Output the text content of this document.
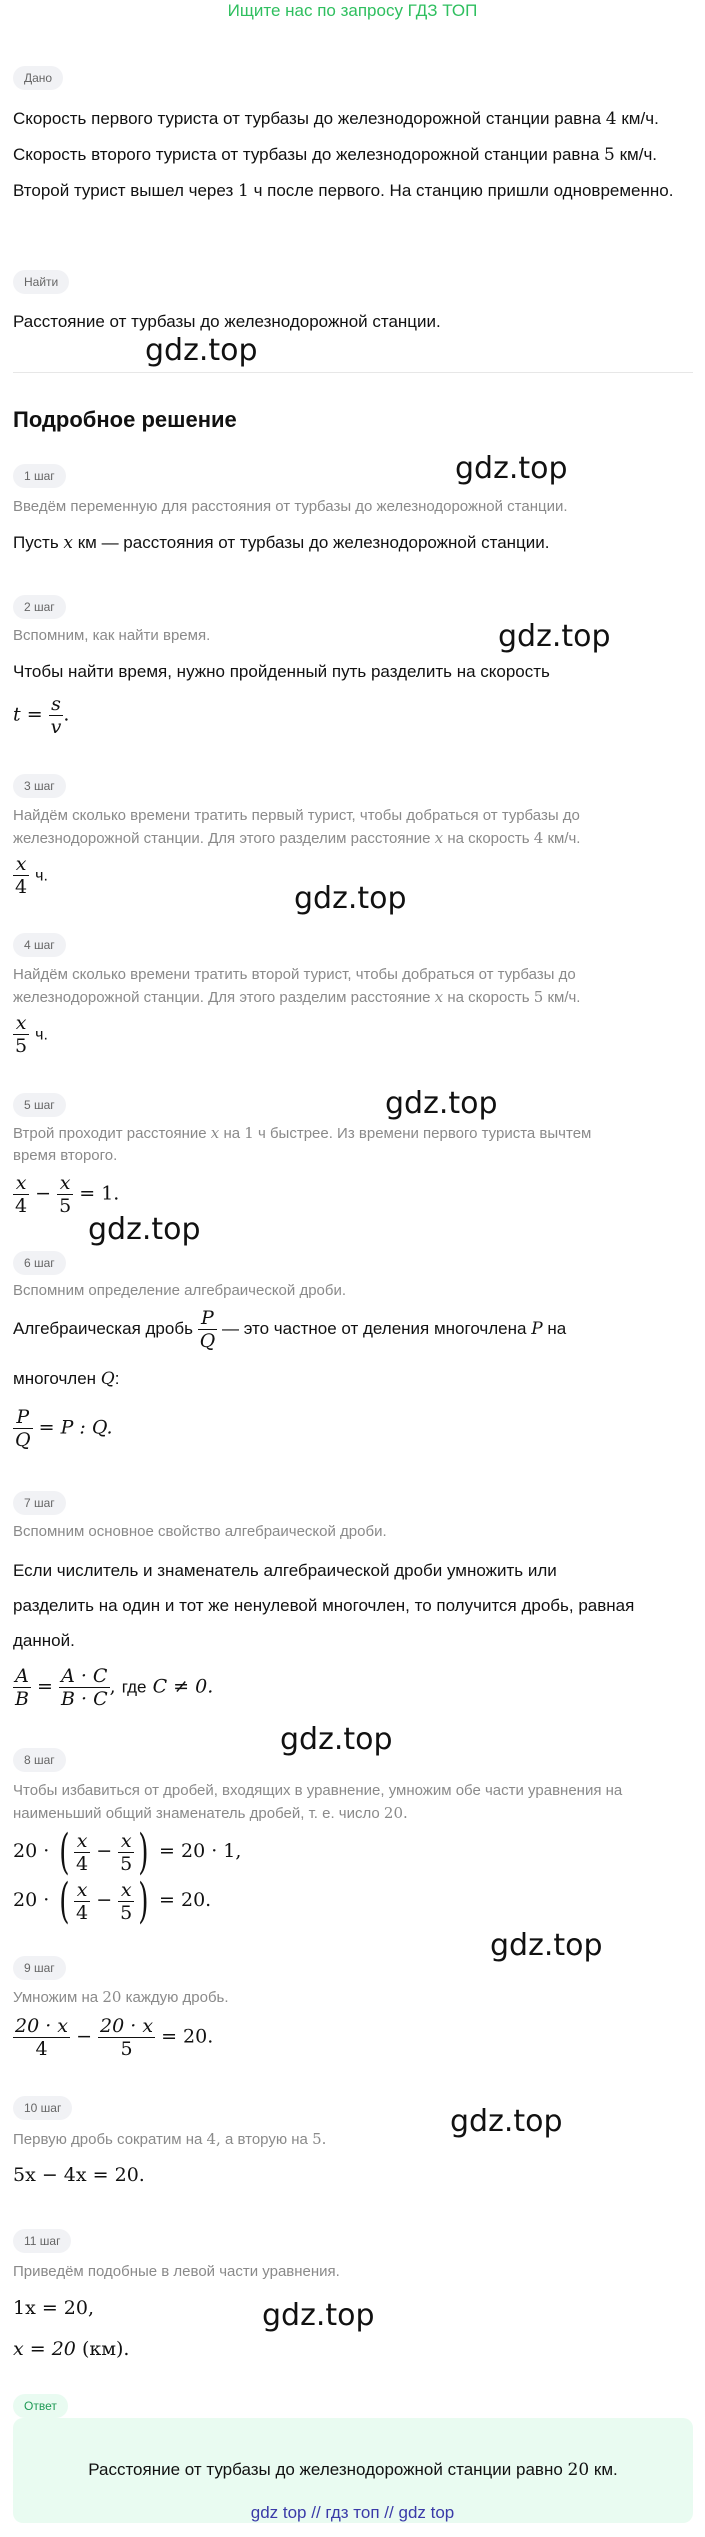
Ищите нас по запросу ГДЗ ТОП
Дано
Скорость первого туриста от турбазы до железнодорожной станции равна 4 км/ч. Скорость второго туриста от турбазы до железнодорожной станции равна 5 км/ч. Второй турист вышел через 1 ч после первого. На станцию пришли одновременно.
Найти
Расстояние от турбазы до железнодорожной станции.
gdz.top
Подробное решение
1 шаг	gdz.top
Введём переменную для расстояния от турбазы до железнодорожной станции.
Пусть x км — расстояния от турбазы до железнодорожной станции.
2 шаг
gdz.top
Вспомним, как найти время.
Чтобы найти время, нужно пройденный путь разделить на скорость
$t = \frac{s}{v}$ .
3 шаг
Найдём сколько времени тратить первый турист, чтобы добраться от турбазы до
железнодорожной станции. Для этого разделим расстояние x на скорость 4 км/ч.
$\frac{x}{4} ч$.
gdz.top
4 шаг
Найдём сколько времени тратить второй турист, чтобы добраться от турбазы до
железнодорожной станции. Для этого разделим расстояние x на скорость 5 км/ч.
$\frac{x}{5} ч$.
5 шаг	gdz.top
Втрой проходит расстояние x на 1 ч быстрее. Из времени первого туриста вычтем
время второго.
$\frac{x}{4} - \frac{x}{5} = 1$.
gdz.top
6 шаг
Вспомним определение алгебраической дроби.
Алгебраическая дробь $\frac{P}{Q}$ — это частное от деления многочлена P на
многочлен Q:
$\frac{P}{Q} = P$ : Q.
7 шаг
Вспомним основное свойство алгебраической дроби.
Если числитель и знаменатель алгебраической дроби умножить или
разделить на один и тот же ненулевой многочлен, то получится дробь, равная
данной.
$\frac{A}{B} = \frac{A \cdot C}{B \cdot C}$ , где C ≠ 0.
gdz.top
8 шаг
Чтобы избавиться от дробей, входящих в уравнение, умножим обе части уравнения на
наименьший общий знаменатель дробей, т. е. число 20.
20 · ( $\frac{x}{4} - \frac{x}{5}$ ) = 20 · 1,
20 · ( $\frac{x}{4} - \frac{x}{5}$ ) = 20.
gdz.top
9 шаг
Умножим на 20 каждую дробь.
$\frac{20 \cdot x}{4} - \frac{20 \cdot x}{5} = 20$.
10 шаг	gdz.top
Первую дробь сократим на 4, а вторую на 5.
5x − 4x = 20.
11 шаг
Приведём подобные в левой части уравнения.
1x = 20,	gdz.top
x = 20 (км).
Ответ
Расстояние от турбазы до железнодорожной станции равно 20 км.
gdz top // гдз топ // gdz top
